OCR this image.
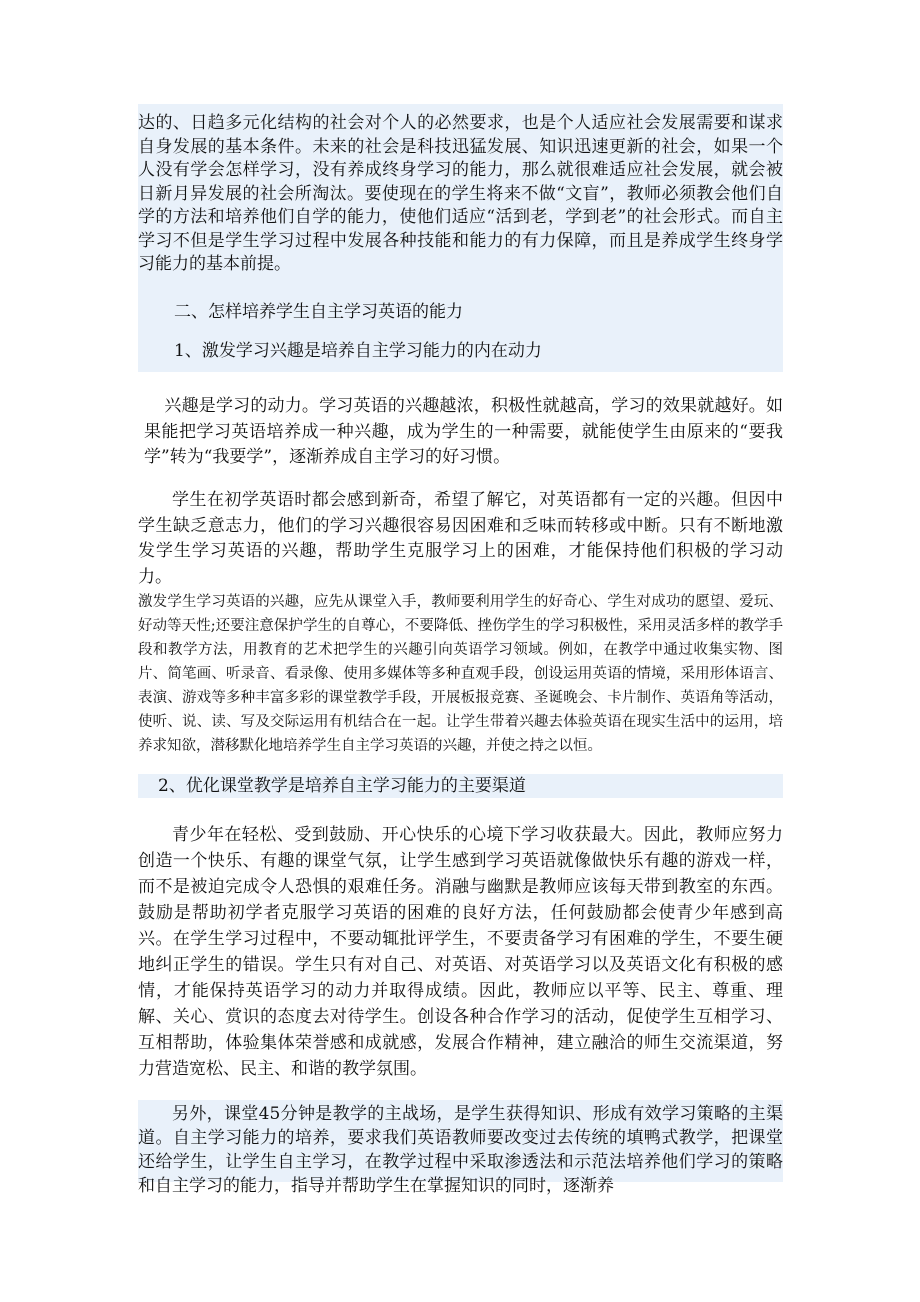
达的、日趋多元化结构的社会对个人的必然要求，也是个人适应社会发展需要和谋求自身发展的基本条件。未来的社会是科技迅猛发展、知识迅速更新的社会，如果一个人没有学会怎样学习，没有养成终身学习的能力，那么就很难适应社会发展，就会被日新月异发展的社会所淘汰。要使现在的学生将来不做“文盲”，教师必须教会他们自学的方法和培养他们自学的能力，使他们适应“活到老，学到老”的社会形式。而自主学习不但是学生学习过程中发展各种技能和能力的有力保障，而且是养成学生终身学习能力的基本前提。

二、怎样培养学生自主学习英语的能力

1、激发学习兴趣是培养自主学习能力的内在动力

兴趣是学习的动力。学习英语的兴趣越浓，积极性就越高，学习的效果就越好。如果能把学习英语培养成一种兴趣，成为学生的一种需要，就能使学生由原来的“要我学”转为“我要学”，逐渐养成自主学习的好习惯。

学生在初学英语时都会感到新奇，希望了解它，对英语都有一定的兴趣。但因中学生缺乏意志力，他们的学习兴趣很容易因困难和乏味而转移或中断。只有不断地激发学生学习英语的兴趣，帮助学生克服学习上的困难，才能保持他们积极的学习动力。

激发学生学习英语的兴趣，应先从课堂入手，教师要利用学生的好奇心、学生对成功的愿望、爱玩、好动等天性;还要注意保护学生的自尊心，不要降低、挫伤学生的学习积极性，采用灵活多样的教学手段和教学方法，用教育的艺术把学生的兴趣引向英语学习领域。例如，在教学中通过收集实物、图片、简笔画、听录音、看录像、使用多媒体等多种直观手段，创设运用英语的情境，采用形体语言、表演、游戏等多种丰富多彩的课堂教学手段，开展板报竞赛、圣诞晚会、卡片制作、英语角等活动，使听、说、读、写及交际运用有机结合在一起。让学生带着兴趣去体验英语在现实生活中的运用，培养求知欲，潜移默化地培养学生自主学习英语的兴趣，并使之持之以恒。

2、优化课堂教学是培养自主学习能力的主要渠道

青少年在轻松、受到鼓励、开心快乐的心境下学习收获最大。因此，教师应努力创造一个快乐、有趣的课堂气氛，让学生感到学习英语就像做快乐有趣的游戏一样，而不是被迫完成令人恐惧的艰难任务。消融与幽默是教师应该每天带到教室的东西。鼓励是帮助初学者克服学习英语的困难的良好方法，任何鼓励都会使青少年感到高兴。在学生学习过程中，不要动辄批评学生，不要责备学习有困难的学生，不要生硬地纠正学生的错误。学生只有对自己、对英语、对英语学习以及英语文化有积极的感情，才能保持英语学习的动力并取得成绩。因此，教师应以平等、民主、尊重、理解、关心、赏识的态度去对待学生。创设各种合作学习的活动，促使学生互相学习、互相帮助，体验集体荣誉感和成就感，发展合作精神，建立融洽的师生交流渠道，努力营造宽松、民主、和谐的教学氛围。

另外，课堂45分钟是教学的主战场，是学生获得知识、形成有效学习策略的主渠道。自主学习能力的培养，要求我们英语教师要改变过去传统的填鸭式教学，把课堂还给学生，让学生自主学习，在教学过程中采取渗透法和示范法培养他们学习的策略和自主学习的能力，指导并帮助学生在掌握知识的同时，逐渐养
